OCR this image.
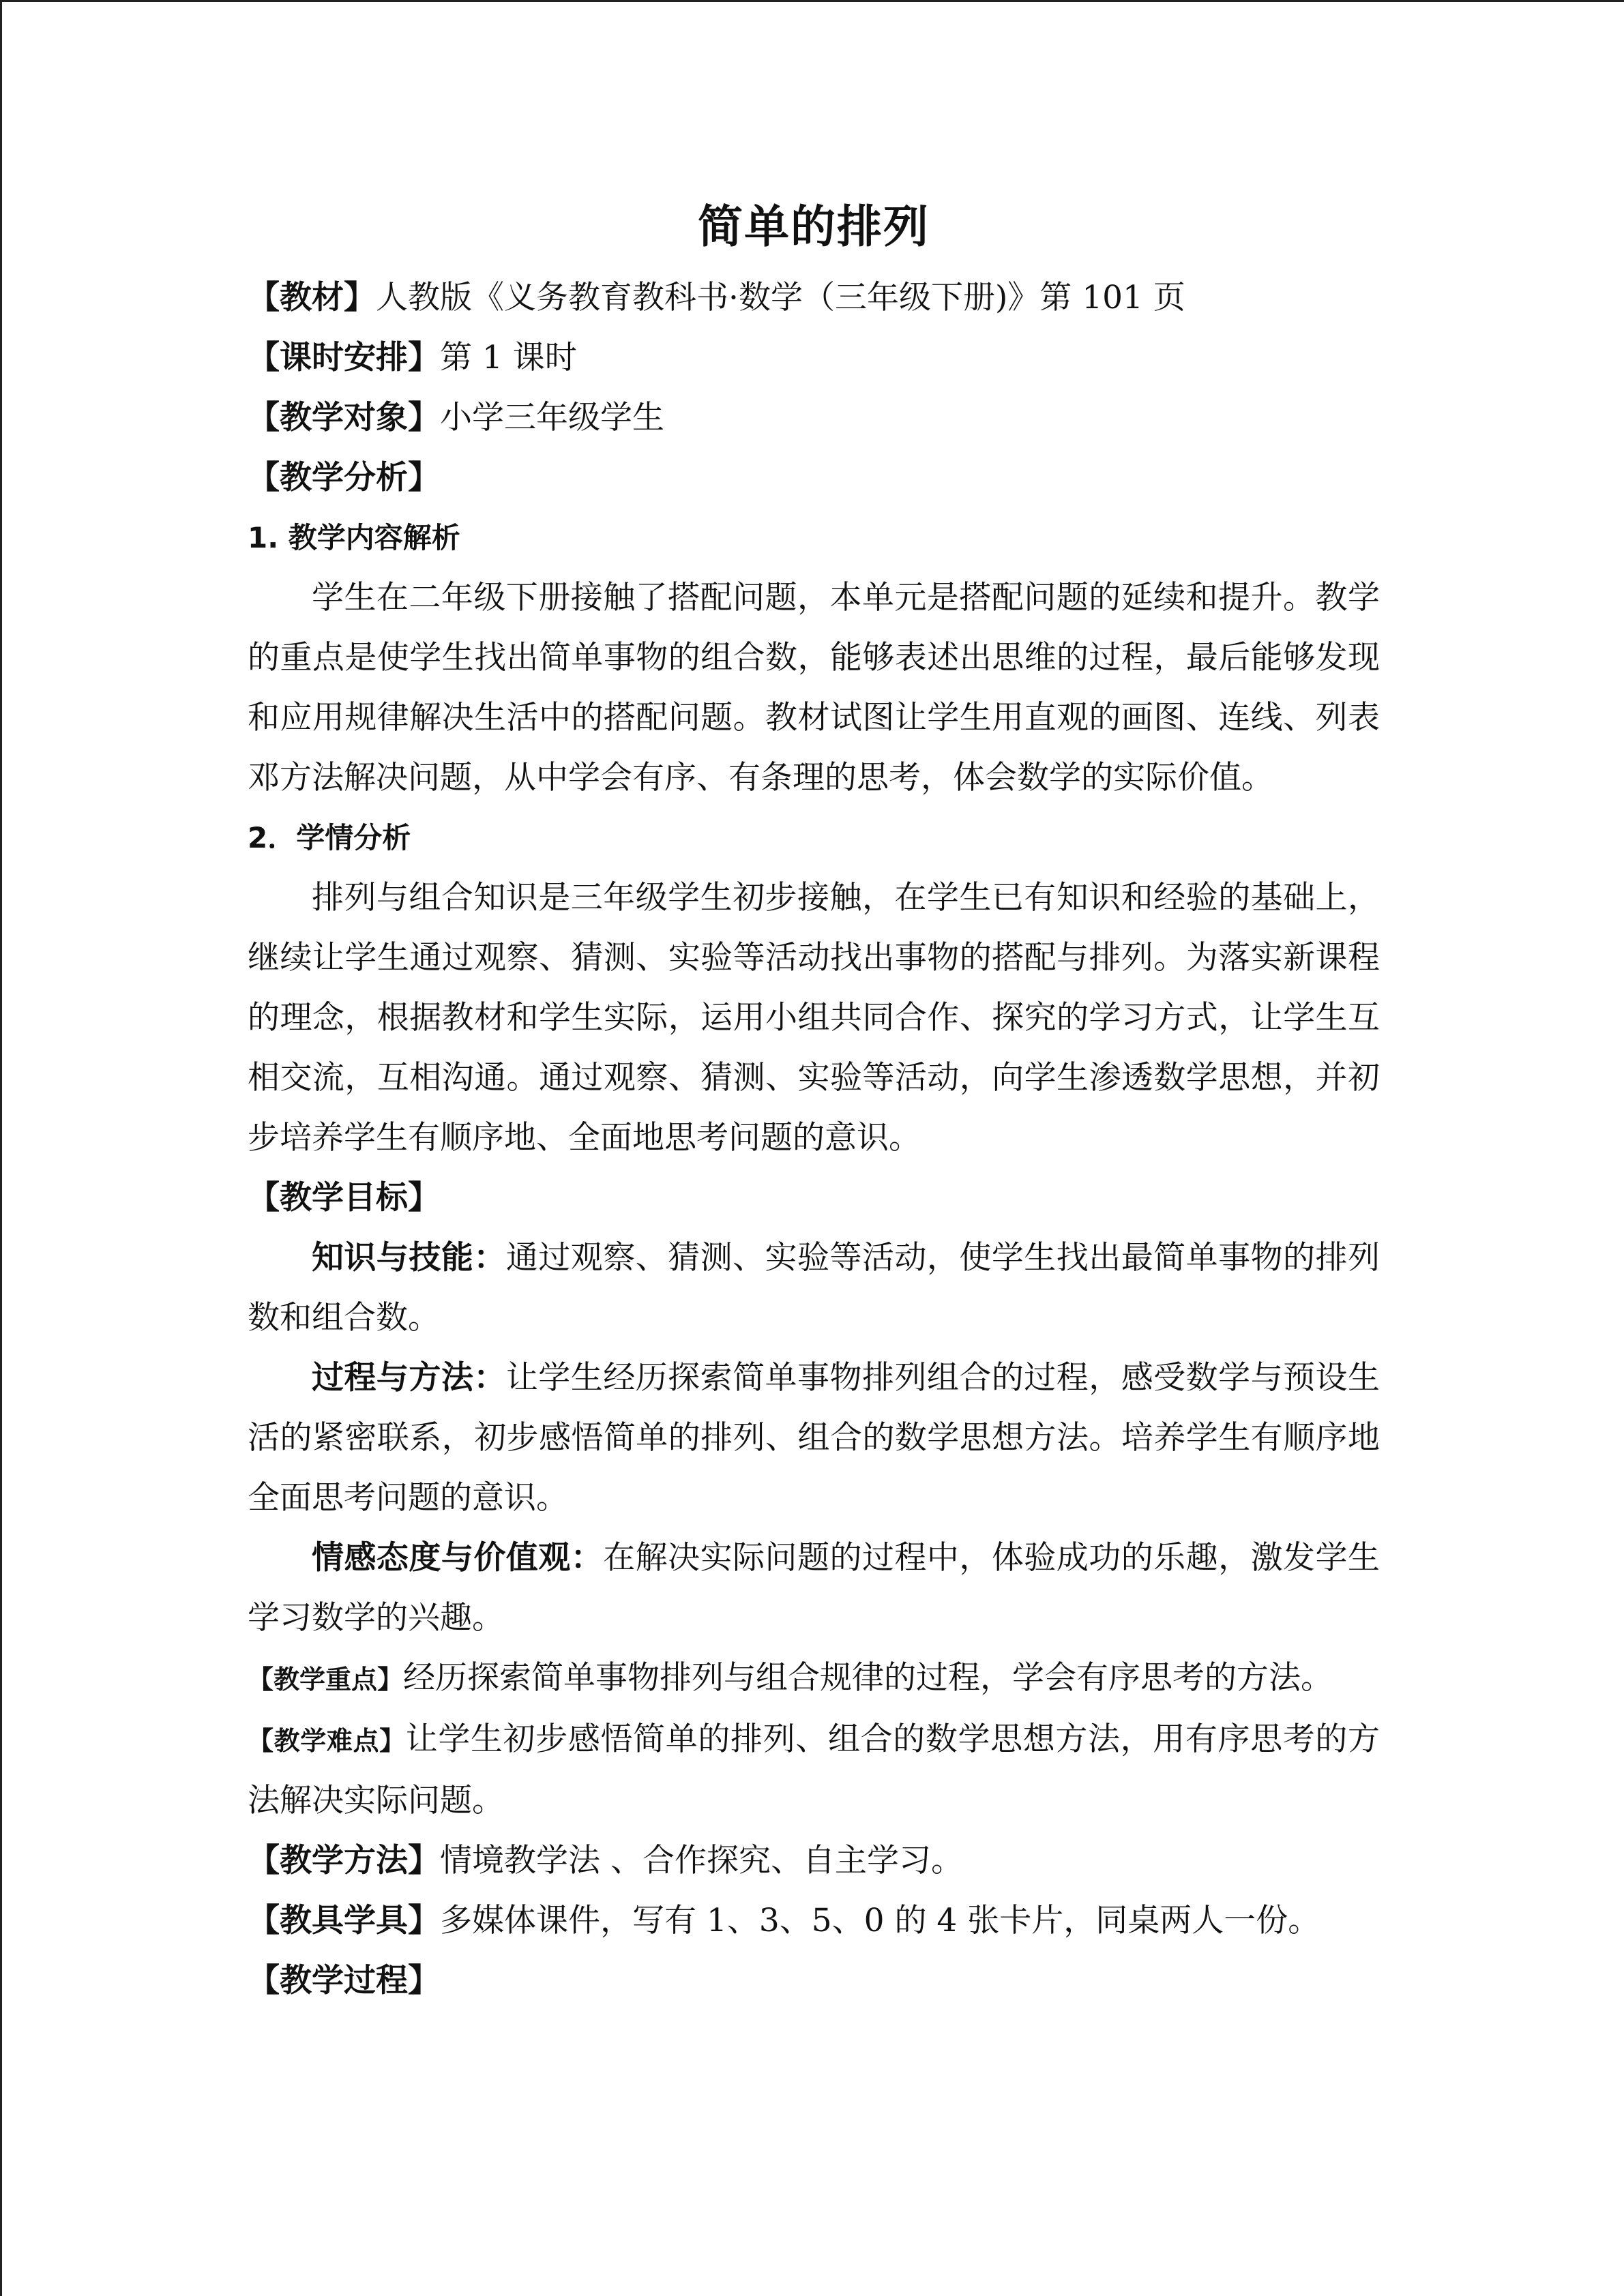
简单的排列

【教材】人教版《义务教育教科书·数学（三年级下册)》第 101 页

【课时安排】第 1 课时

【教学对象】小学三年级学生

【教学分析】

1. 教学内容解析

学生在二年级下册接触了搭配问题，本单元是搭配问题的延续和提升。教学的重点是使学生找出简单事物的组合数，能够表述出思维的过程，最后能够发现和应用规律解决生活中的搭配问题。教材试图让学生用直观的画图、连线、列表邓方法解决问题，从中学会有序、有条理的思考，体会数学的实际价值。

2．学情分析

排列与组合知识是三年级学生初步接触，在学生已有知识和经验的基础上，继续让学生通过观察、猜测、实验等活动找出事物的搭配与排列。为落实新课程的理念，根据教材和学生实际，运用小组共同合作、探究的学习方式，让学生互相交流，互相沟通。通过观察、猜测、实验等活动，向学生渗透数学思想，并初步培养学生有顺序地、全面地思考问题的意识。

【教学目标】

知识与技能：通过观察、猜测、实验等活动，使学生找出最简单事物的排列数和组合数。

过程与方法：让学生经历探索简单事物排列组合的过程，感受数学与预设生活的紧密联系，初步感悟简单的排列、组合的数学思想方法。培养学生有顺序地全面思考问题的意识。

情感态度与价值观：在解决实际问题的过程中，体验成功的乐趣，激发学生学习数学的兴趣。

【教学重点】经历探索简单事物排列与组合规律的过程，学会有序思考的方法。

【教学难点】让学生初步感悟简单的排列、组合的数学思想方法，用有序思考的方法解决实际问题。

【教学方法】情境教学法 、合作探究、自主学习。

【教具学具】多媒体课件，写有 1、3、5、0 的 4 张卡片，同桌两人一份。

【教学过程】
